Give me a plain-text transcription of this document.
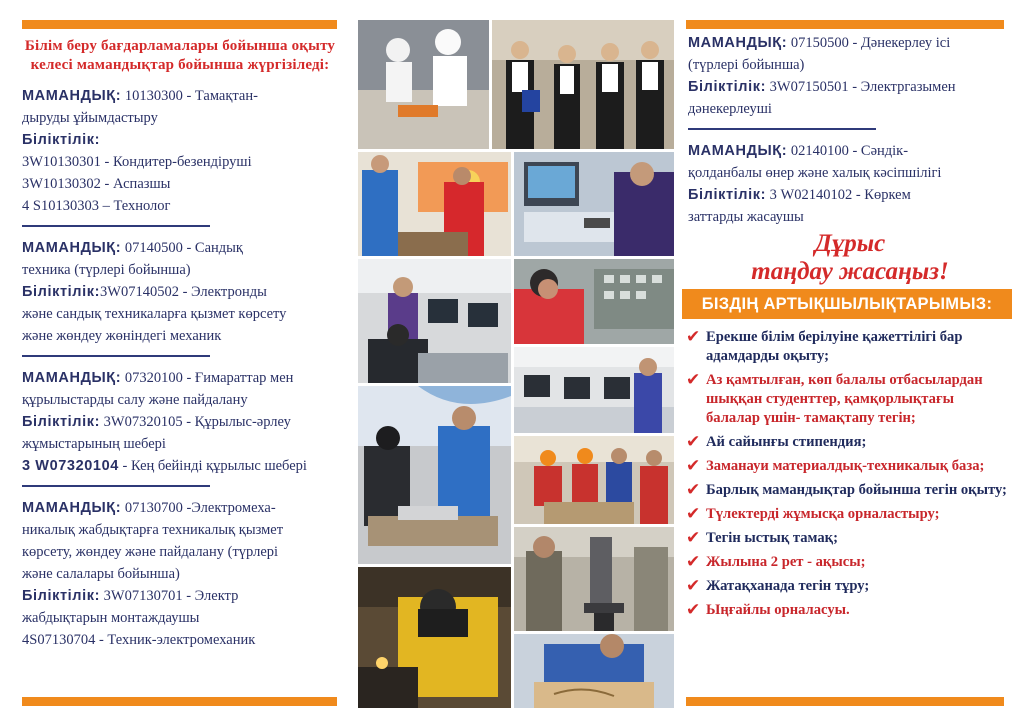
Білім беру бағдарламалары бойынша оқыту келесі мамандықтар бойынша жүргізіледі:
МАМАНДЫҚ: 10130300 - Тамақтан-
дыруды ұйымдастыру
Біліктілік:
3W10130301 - Кондитер-безендіруші
3W10130302 - Аспазшы
4 S10130303 – Технолог
МАМАНДЫҚ: 07140500 - Сандық
техника (түрлері бойынша)
Біліктілік:3W07140502 - Электронды
және сандық техникаларға қызмет көрсету
және жөндеу жөніндегі механик
МАМАНДЫҚ: 07320100 - Ғимараттар мен
құрылыстарды салу және пайдалану
Біліктілік: 3W07320105 - Құрылыс-әрлеу
жұмыстарының шебері
3 W07320104 - Кең бейінді құрылыс шебері
МАМАНДЫҚ: 07130700 -Электромеха-
никалық жабдықтарға техникалық қызмет
көрсету, жөндеу және пайдалану (түрлері
және салалары бойынша)
Біліктілік: 3W07130701 - Электр
жабдықтарын монтаждаушы
4S07130704 - Техник-электромеханик
МАМАНДЫҚ: 07150500 - Дәнекерлеу ісі
(түрлері бойынша)
Біліктілік: 3W07150501 - Электргазымен
дәнекерлеуші
МАМАНДЫҚ: 02140100 - Сәндік-
қолданбалы өнер және халық кәсіпшілігі
Біліктілік: 3 W02140102 - Көркем
заттарды жасаушы
Дұрыс
таңдау жасаңыз!
БІЗДІҢ АРТЫҚШЫЛЫҚТАРЫМЫЗ:
✔ Ерекше білім берілуіне қажеттілігі бар адамдарды оқыту;
✔ Аз қамтылған, көп балалы отбасылардан шыққан студенттер, қамқорлықтағы балалар үшін- тамақтапу тегін;
✔ Ай сайынғы стипендия;
✔ Заманауи материалдық-техникалық база;
✔ Барлық мамандықтар бойынша тегін оқыту;
✔ Түлектерді жұмысқа орналастыру;
✔ Тегін ыстық тамақ;
✔ Жылына 2 рет - ақысы;
✔ Жатақханада тегін тұру;
✔ Ыңғайлы орналасуы.
